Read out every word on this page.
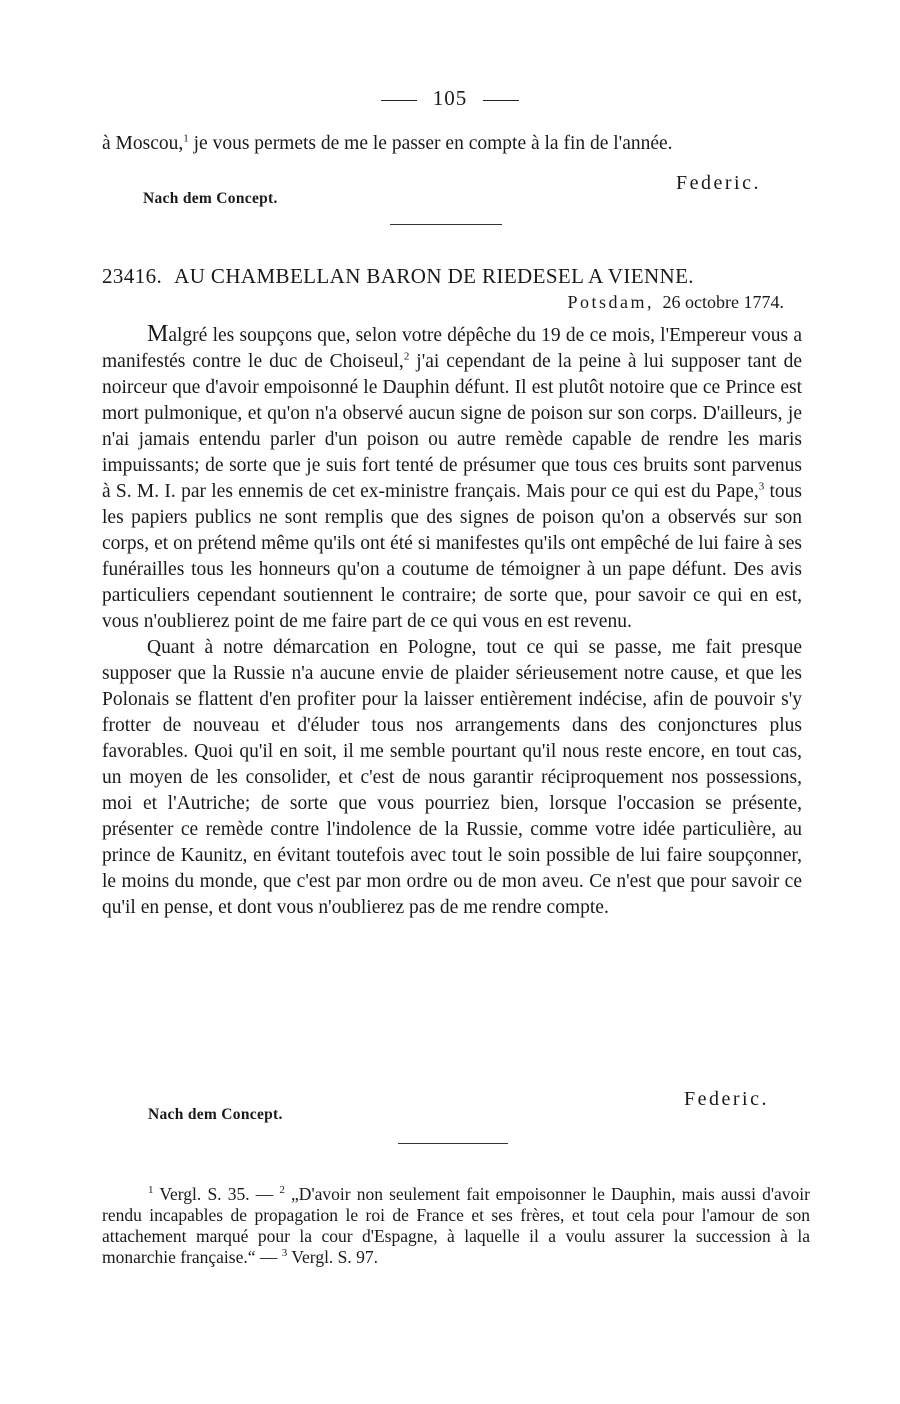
105

à Moscou,$^1$ je vous permets de me le passer en compte à la fin de l'année.

Federic.
Nach dem Concept.
23416. AU CHAMBELLAN BARON DE RIEDESEL A VIENNE.
Potsdam, 26 octobre 1774.

Malgré les soupçons que, selon votre dépêche du 19 de ce mois, l'Empereur vous a manifestés contre le duc de Choiseul,$^2$ j'ai cependant de la peine à lui supposer tant de noirceur que d'avoir empoisonné le Dauphin défunt. Il est plutôt notoire que ce Prince est mort pulmonique, et qu'on n'a observé aucun signe de poison sur son corps. D'ailleurs, je n'ai jamais entendu parler d'un poison ou autre remède capable de rendre les maris impuissants; de sorte que je suis fort tenté de présumer que tous ces bruits sont parvenus à S. M. I. par les ennemis de cet ex-ministre français. Mais pour ce qui est du Pape,$^3$ tous les papiers publics ne sont remplis que des signes de poison qu'on a observés sur son corps, et on prétend même qu'ils ont été si manifestes qu'ils ont empêché de lui faire à ses funérailles tous les honneurs qu'on a coutume de témoigner à un pape défunt. Des avis particuliers cependant soutiennent le contraire; de sorte que, pour savoir ce qui en est, vous n'oublierez point de me faire part de ce qui vous en est revenu.

Quant à notre démarcation en Pologne, tout ce qui se passe, me fait presque supposer que la Russie n'a aucune envie de plaider sérieusement notre cause, et que les Polonais se flattent d'en profiter pour la laisser entièrement indécise, afin de pouvoir s'y frotter de nouveau et d'éluder tous nos arrangements dans des conjonctures plus favorables. Quoi qu'il en soit, il me semble pourtant qu'il nous reste encore, en tout cas, un moyen de les consolider, et c'est de nous garantir réciproquement nos possessions, moi et l'Autriche; de sorte que vous pourriez bien, lorsque l'occasion se présente, présenter ce remède contre l'indolence de la Russie, comme votre idée particulière, au prince de Kaunitz, en évitant toutefois avec tout le soin possible de lui faire soupçonner, le moins du monde, que c'est par mon ordre ou de mon aveu. Ce n'est que pour savoir ce qu'il en pense, et dont vous n'oublierez pas de me rendre compte.

Federic.
Nach dem Concept.

$^1$ Vergl. S. 35. — $^2$ „D'avoir non seulement fait empoisonner le Dauphin, mais aussi d'avoir rendu incapables de propagation le roi de France et ses frères, et tout cela pour l'amour de son attachement marqué pour la cour d'Espagne, à laquelle il a voulu assurer la succession à la monarchie française.“ — $^3$ Vergl. S. 97.
